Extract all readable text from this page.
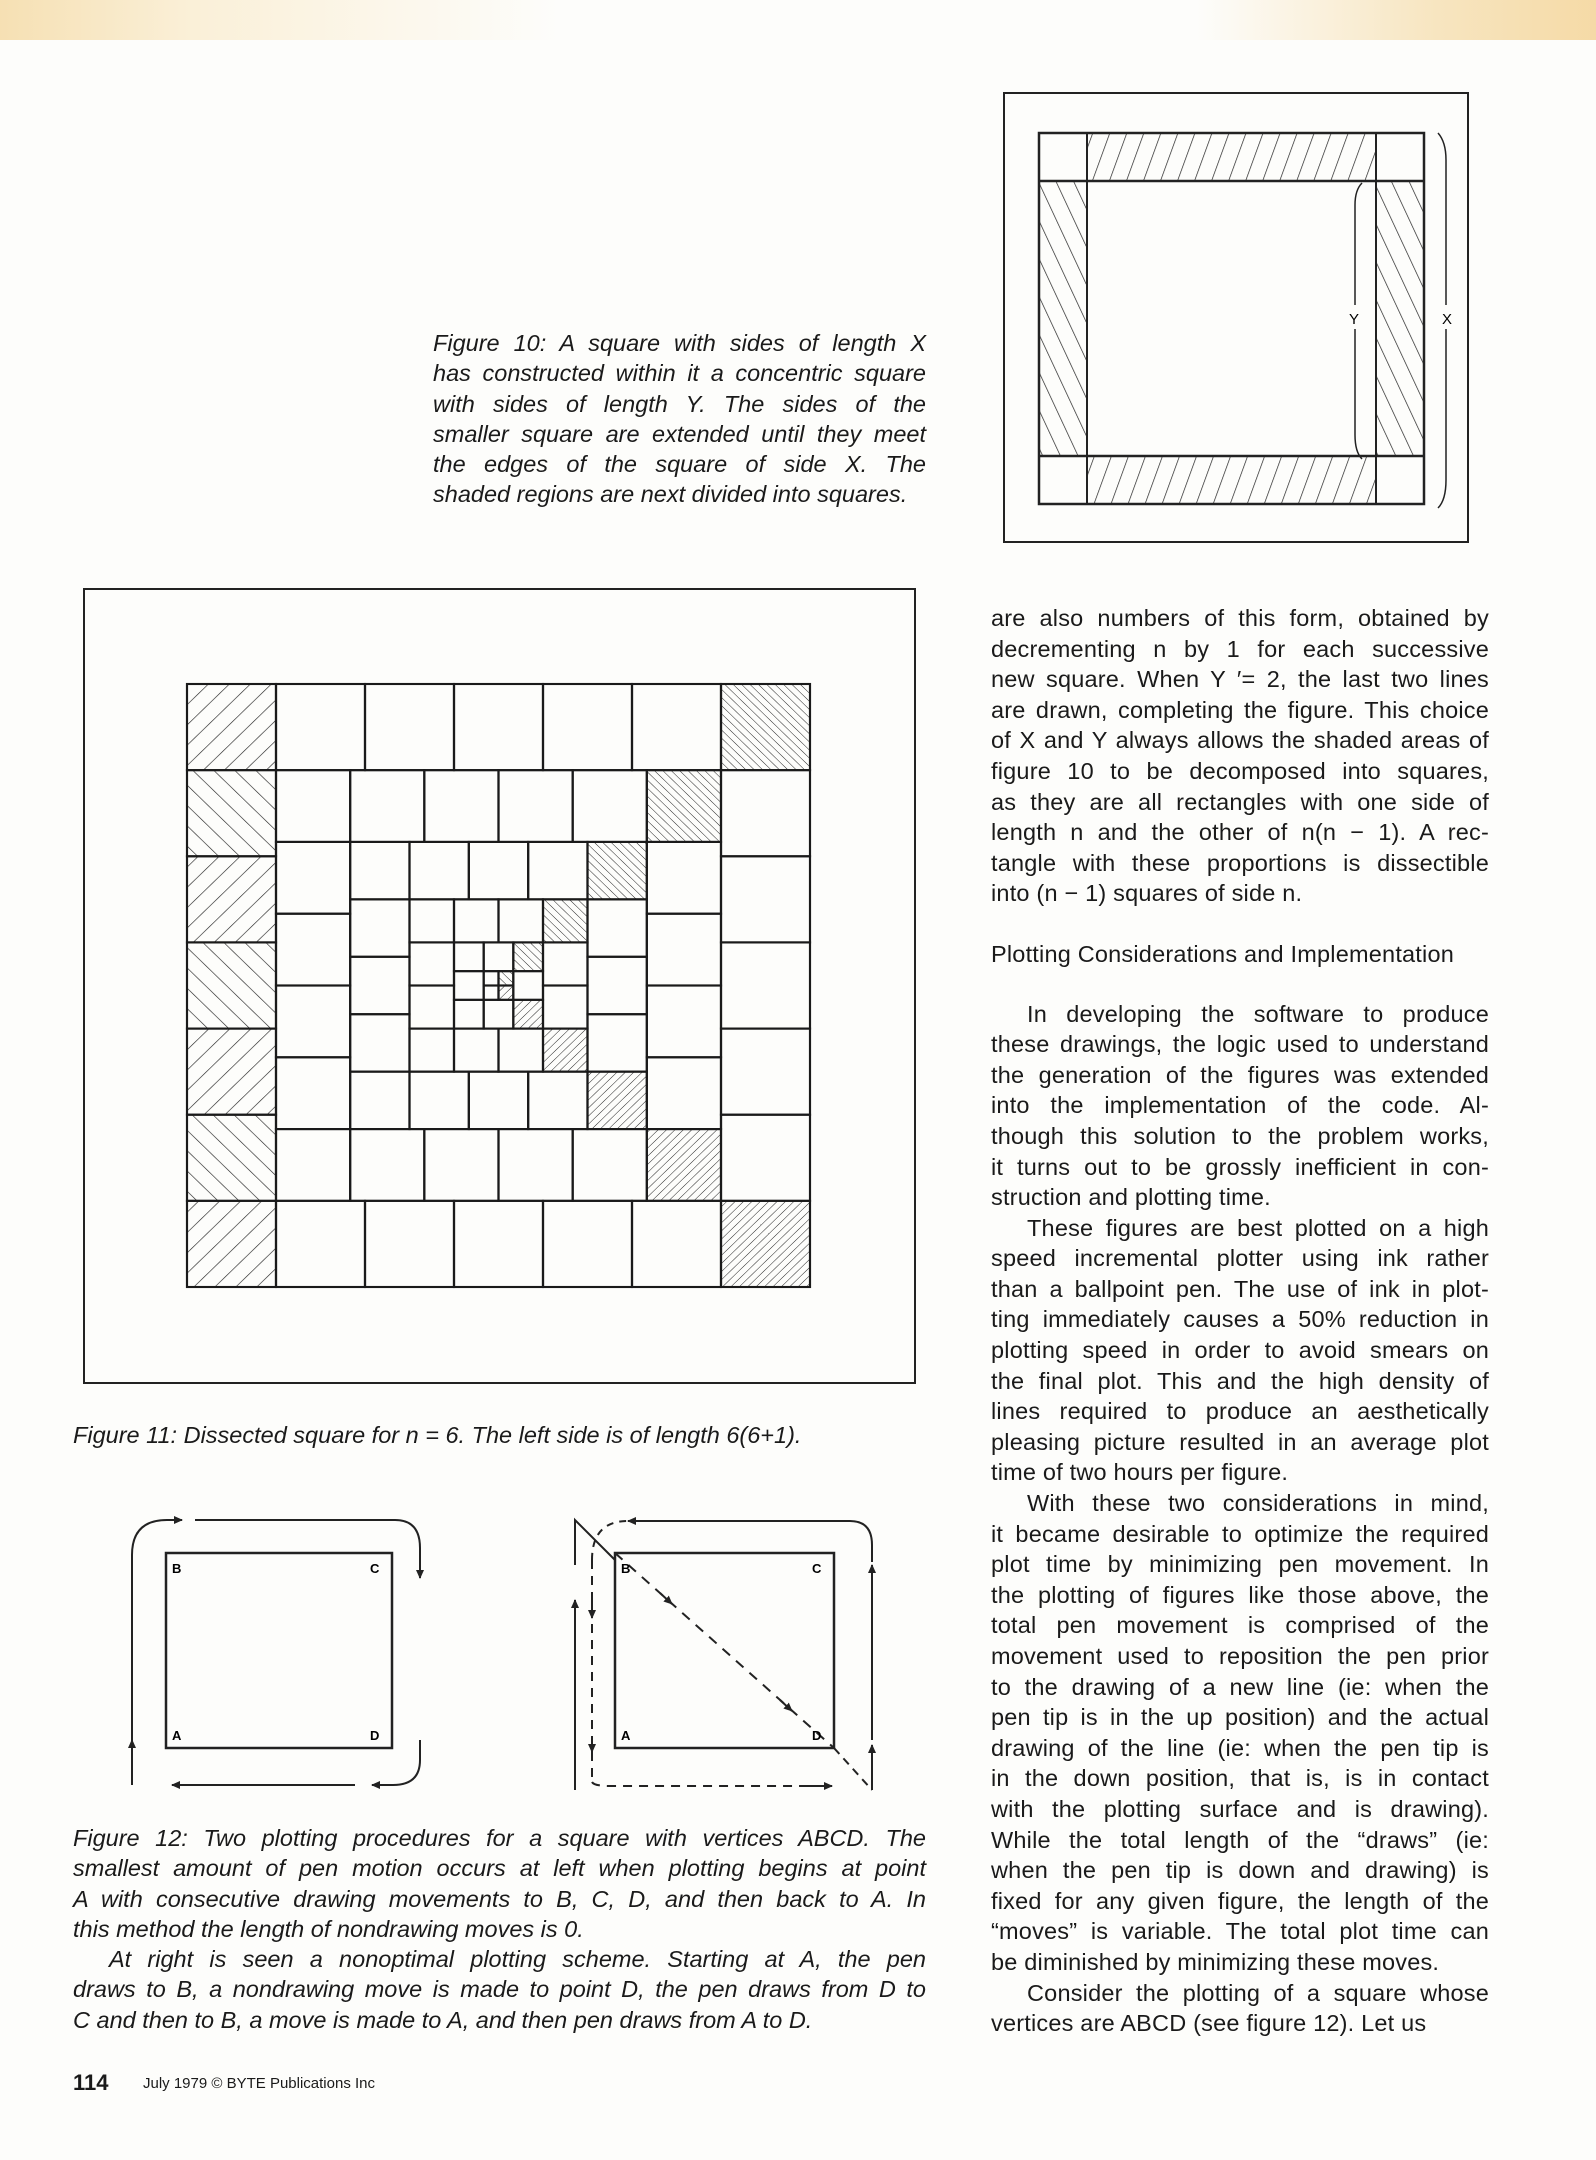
Y	X
Figure 10: A square with sides of length X
has constructed within it a concentric square
with sides of length Y. The sides of the
smaller square are extended until they meet
the edges of the square of side X. The
shaded regions are next divided into squares.
Figure 11: Dissected square for n = 6. The left side is of length 6(6+1).
B	C
A	D
B	C
A	D
Figure 12: Two plotting procedures for a square with vertices ABCD. The
smallest amount of pen motion occurs at left when plotting begins at point
A with consecutive drawing movements to B, C, D, and then back to A. In
this method the length of nondrawing moves is 0.
At right is seen a nonoptimal plotting scheme. Starting at A, the pen
draws to B, a nondrawing move is made to point D, the pen draws from D to
C and then to B, a move is made to A, and then pen draws from A to D.
are also numbers of this form, obtained by
decrementing n by 1 for each successive
new square. When Y ′= 2, the last two lines
are drawn, completing the figure. This choice
of X and Y always allows the shaded areas of
figure 10 to be decomposed into squares,
as they are all rectangles with one side of
length n and the other of n(n − 1). A rec-
tangle with these proportions is dissectible
into (n − 1) squares of side n.
Plotting Considerations and Implementation
In developing the software to produce
these drawings, the logic used to understand
the generation of the figures was extended
into the implementation of the code. Al-
though this solution to the problem works,
it turns out to be grossly inefficient in con-
struction and plotting time.
These figures are best plotted on a high
speed incremental plotter using ink rather
than a ballpoint pen. The use of ink in plot-
ting immediately causes a 50% reduction in
plotting speed in order to avoid smears on
the final plot. This and the high density of
lines required to produce an aesthetically
pleasing picture resulted in an average plot
time of two hours per figure.
With these two considerations in mind,
it became desirable to optimize the required
plot time by minimizing pen movement. In
the plotting of figures like those above, the
total pen movement is comprised of the
movement used to reposition the pen prior
to the drawing of a new line (ie: when the
pen tip is in the up position) and the actual
drawing of the line (ie: when the pen tip is
in the down position, that is, is in contact
with the plotting surface and is drawing).
While the total length of the “draws” (ie:
when the pen tip is down and drawing) is
fixed for any given figure, the length of the
“moves” is variable. The total plot time can
be diminished by minimizing these moves.
Consider the plotting of a square whose
vertices are ABCD (see figure 12). Let us
114 July 1979 © BYTE Publications Inc
